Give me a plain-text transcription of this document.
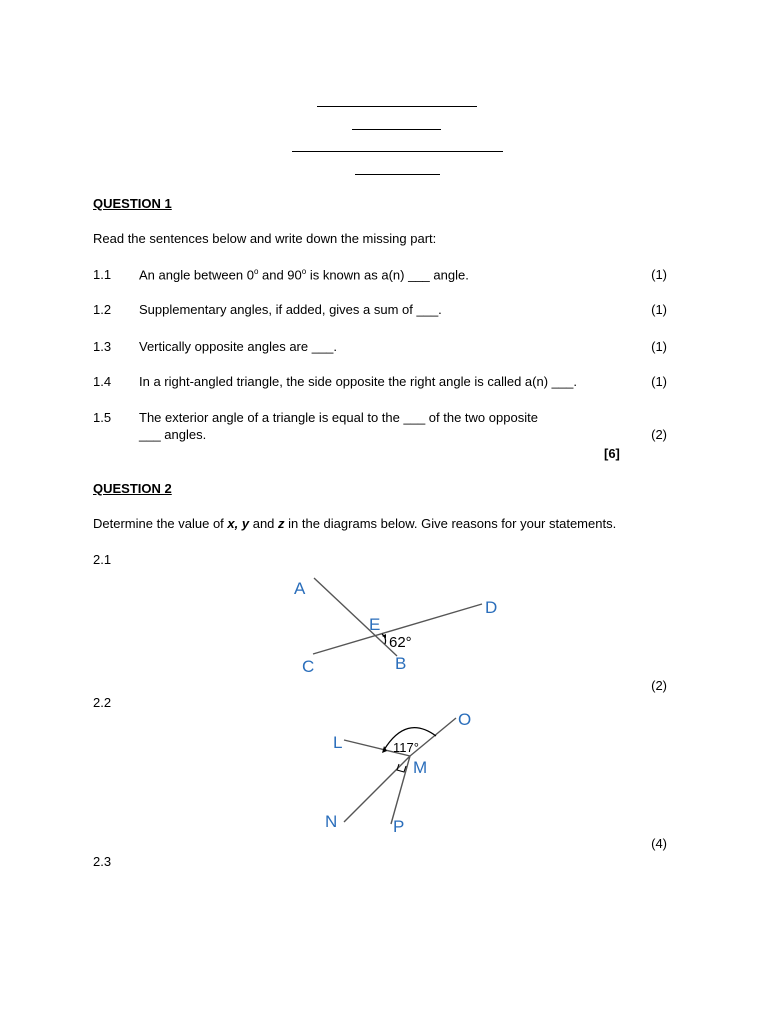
QUESTION 1
Read the sentences below and write down the missing part:
1.1 An angle between 0$^o$ and 90$^o$ is known as a(n) ___ angle.	(1)
1.2 Supplementary angles, if added, gives a sum of ___.	(1)
1.3 Vertically opposite angles are ___.	(1)
1.4 In a right-angled triangle, the side opposite the right angle is called a(n) ___.	(1)
1.5 The exterior angle of a triangle is equal to the ___ of the two opposite
___ angles.	(2)
[6]
QUESTION 2
Determine the value of x, y and z in the diagrams below. Give reasons for your statements.
2.1
A
B
C
D
E
62°
(2)
2.2
L
M
N
O
P
117°
(4)
2.3
